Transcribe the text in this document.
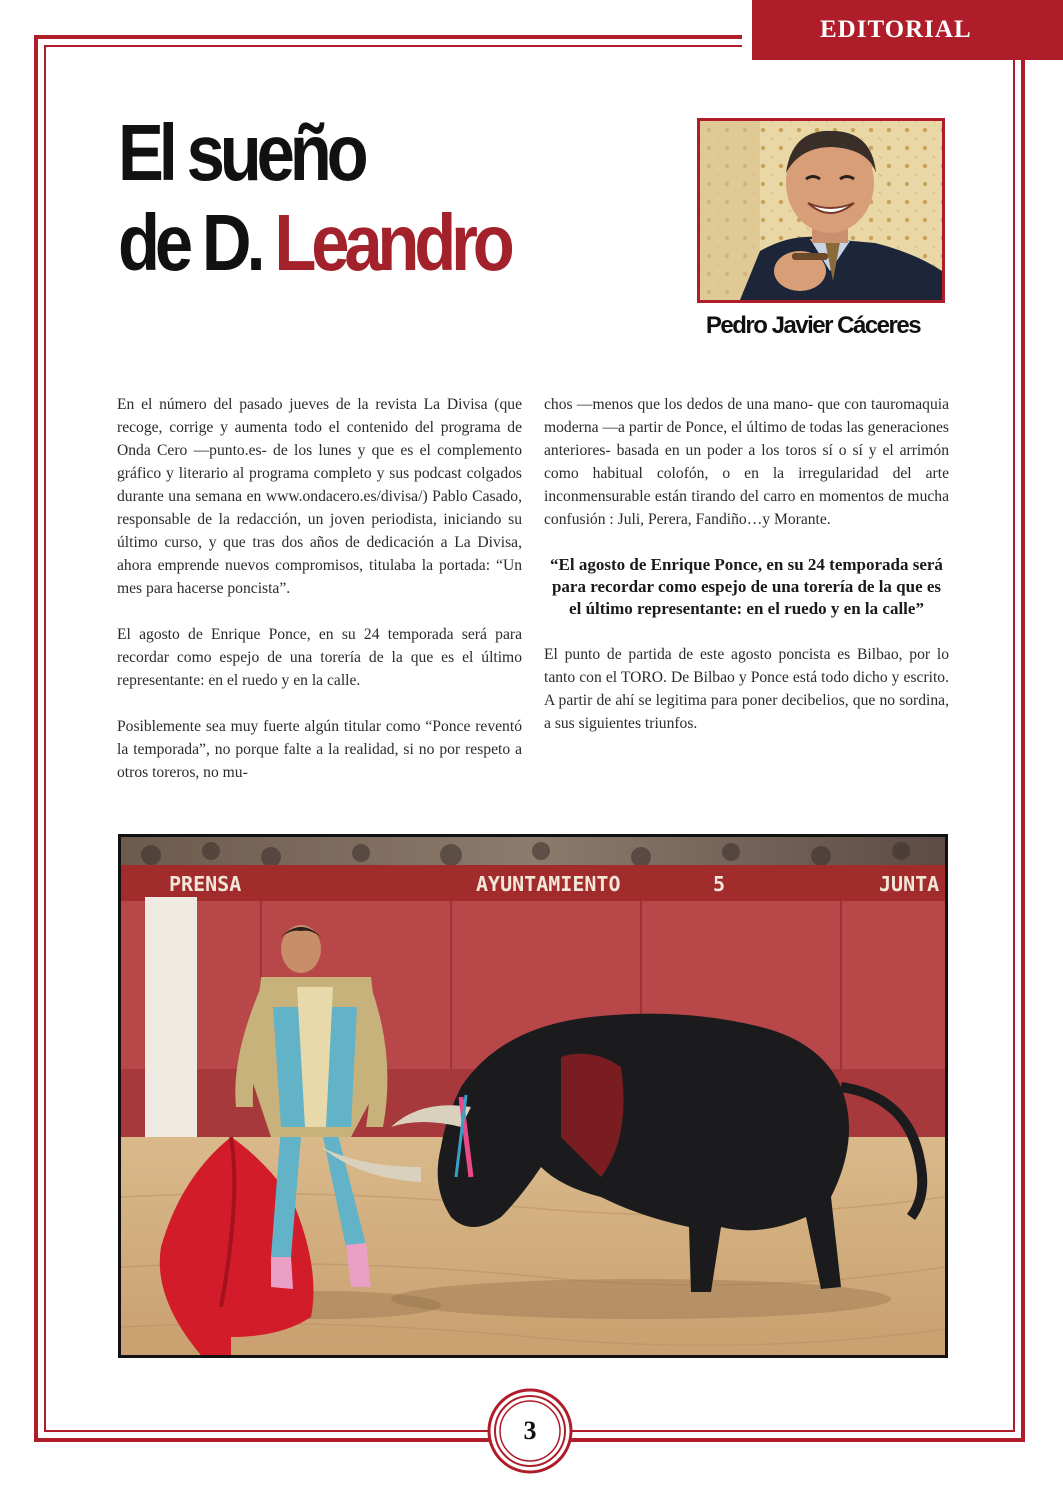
EDITORIAL
El sueño
de D. Leandro
Pedro Javier Cáceres

En el número del pasado jueves de la revista La Divisa (que recoge, corrige y aumenta todo el contenido del programa de Onda Cero —punto.es- de los lunes y que es el complemento gráfico y literario al programa completo y sus podcast colgados durante una semana en www.ondacero.es/divisa/) Pablo Casado, responsable de la redacción, un joven periodista, iniciando su último curso, y que tras dos años de dedicación a La Divisa, ahora emprende nuevos compromisos, titulaba la portada: “Un mes para hacerse poncista”.

El agosto de Enrique Ponce, en su 24 temporada será para recordar como espejo de una torería de la que es el último representante: en el ruedo y en la calle.

Posiblemente sea muy fuerte algún titular como “Ponce reventó la temporada”, no porque falte a la realidad, si no por respeto a otros toreros, no mu-

chos —menos que los dedos de una mano- que con tauromaquia moderna —a partir de Ponce, el último de todas las generaciones anteriores- basada en un poder a los toros sí o sí y el arrimón como habitual colofón, o en la irregularidad del arte inconmensurable están tirando del carro en momentos de mucha confusión : Juli, Perera, Fandiño…y Morante.

“El agosto de Enrique Ponce, en su 24 temporada será para recordar como espejo de una torería de la que es el último representante: en el ruedo y en la calle”

El punto de partida de este agosto poncista es Bilbao, por lo tanto con el TORO. De Bilbao y Ponce está todo dicho y escrito. A partir de ahí se legitima para poner decibelios, que no sordina, a sus siguientes triunfos.

PRENSA	AYUNTAMIENTO	5	JUNTA
3
